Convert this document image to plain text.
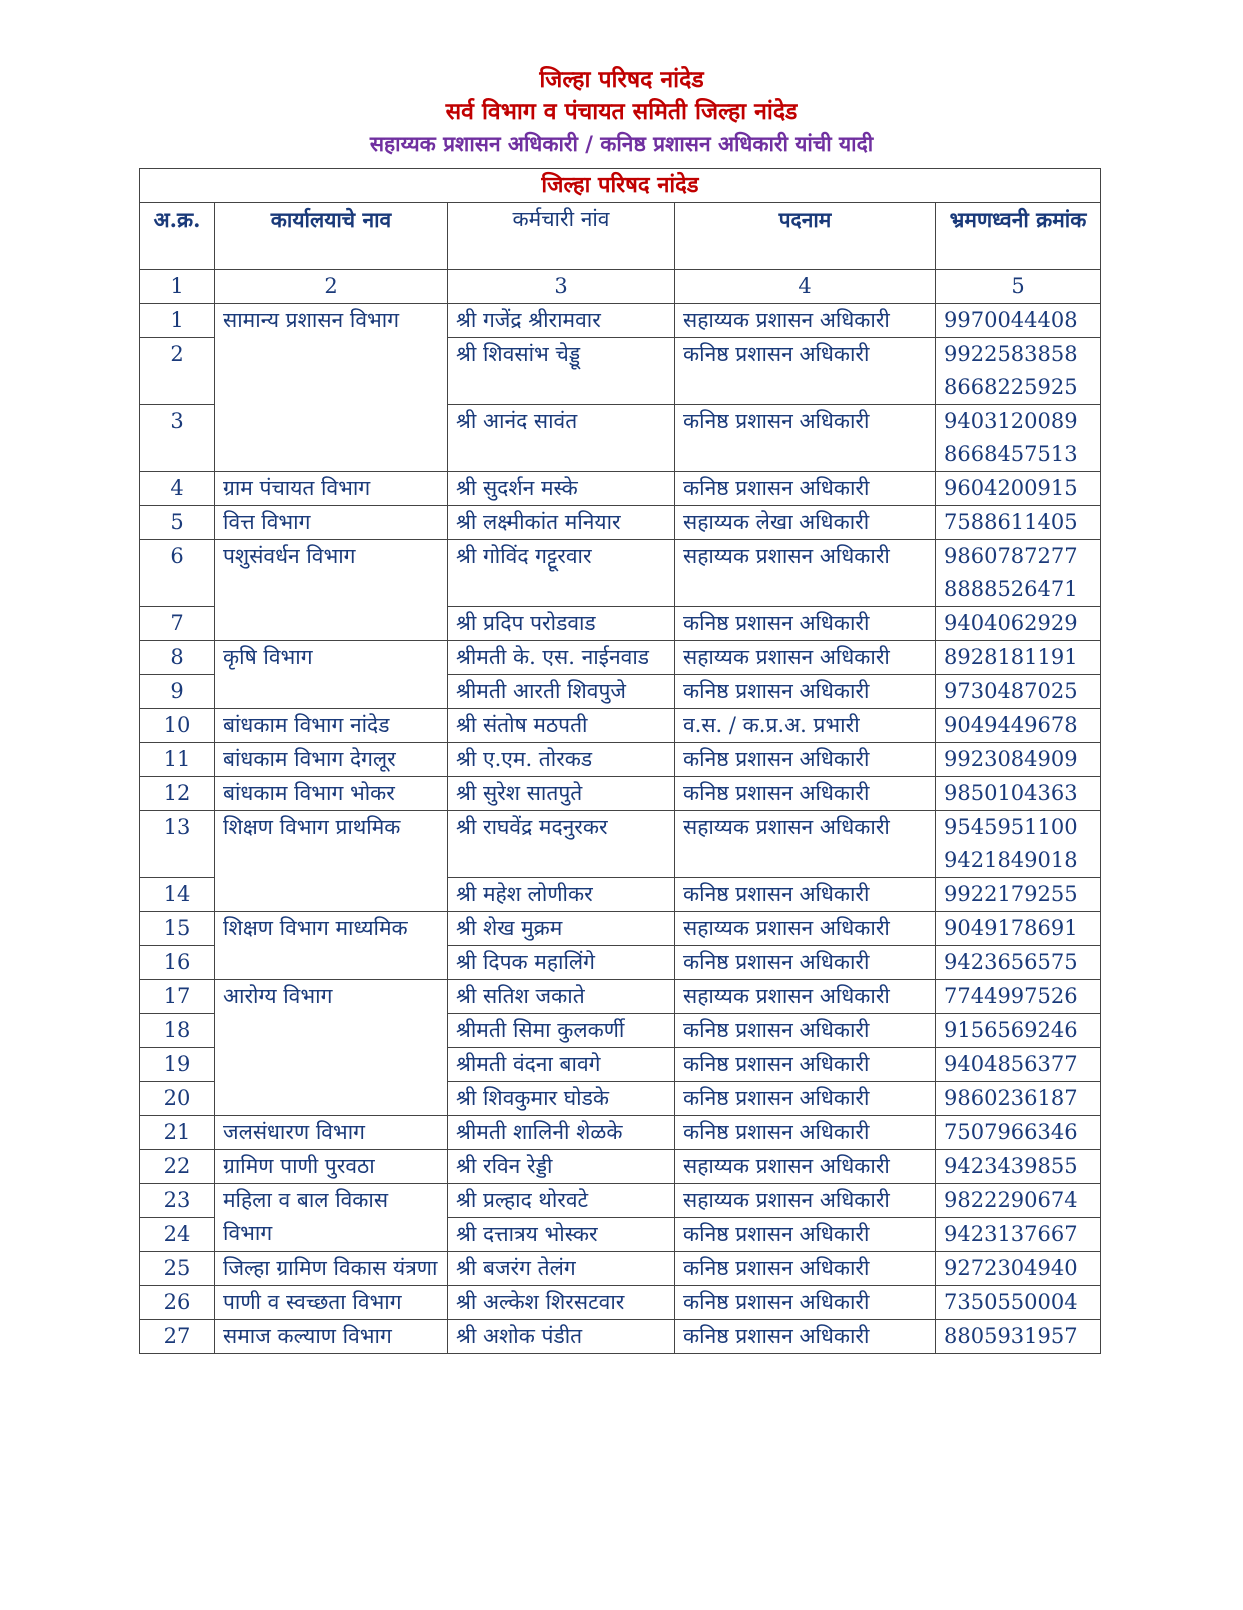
जिल्हा परिषद नांदेड
सर्व विभाग व पंचायत समिती जिल्हा नांदेड
सहाय्यक प्रशासन अधिकारी / कनिष्ठ प्रशासन अधिकारी यांची यादी
जिल्हा परिषद नांदेड				
अ.क्र.	कार्यालयाचे नाव	कर्मचारी नांव	पदनाम	भ्रमणध्वनी क्रमांक
1	2	3	4	5
1	सामान्य प्रशासन विभाग	श्री गजेंद्र श्रीरामवार	सहाय्यक प्रशासन अधिकारी	9970044408

2		श्री शिवसांभ चेड्डू	कनिष्ठ प्रशासन अधिकारी	9922583858
8668225925

3		श्री आनंद सावंत	कनिष्ठ प्रशासन अधिकारी	9403120089
8668457513

4	ग्राम पंचायत विभाग	श्री सुदर्शन मस्के	कनिष्ठ प्रशासन अधिकारी	9604200915

5	वित्त विभाग	श्री लक्ष्मीकांत मनियार	सहाय्यक लेखा अधिकारी	7588611405

6	पशुसंवर्धन विभाग	श्री गोविंद गट्टूरवार	सहाय्यक प्रशासन अधिकारी	9860787277
8888526471

7		श्री प्रदिप परोडवाड	कनिष्ठ प्रशासन अधिकारी	9404062929

8	कृषि विभाग	श्रीमती के. एस. नाईनवाड	सहाय्यक प्रशासन अधिकारी	8928181191

9		श्रीमती आरती शिवपुजे	कनिष्ठ प्रशासन अधिकारी	9730487025

10	बांधकाम विभाग नांदेड	श्री संतोष मठपती	व.स. / क.प्र.अ. प्रभारी	9049449678

11	बांधकाम विभाग देगलूर	श्री ए.एम. तोरकड	कनिष्ठ प्रशासन अधिकारी	9923084909

12	बांधकाम विभाग भोकर	श्री सुरेश सातपुते	कनिष्ठ प्रशासन अधिकारी	9850104363

13	शिक्षण विभाग प्राथमिक	श्री राघवेंद्र मदनुरकर	सहाय्यक प्रशासन अधिकारी	9545951100
9421849018

14		श्री महेश लोणीकर	कनिष्ठ प्रशासन अधिकारी	9922179255

15	शिक्षण विभाग माध्यमिक	श्री शेख मुक्रम	सहाय्यक प्रशासन अधिकारी	9049178691

16		श्री दिपक महालिंगे	कनिष्ठ प्रशासन अधिकारी	9423656575

17	आरोग्य विभाग	श्री सतिश जकाते	सहाय्यक प्रशासन अधिकारी	7744997526

18		श्रीमती सिमा कुलकर्णी	कनिष्ठ प्रशासन अधिकारी	9156569246

19		श्रीमती वंदना बावगे	कनिष्ठ प्रशासन अधिकारी	9404856377

20		श्री शिवकुमार घोडके	कनिष्ठ प्रशासन अधिकारी	9860236187

21	जलसंधारण विभाग	श्रीमती शालिनी शेळके	कनिष्ठ प्रशासन अधिकारी	7507966346

22	ग्रामिण पाणी पुरवठा	श्री रविन रेड्डी	सहाय्यक प्रशासन अधिकारी	9423439855

23	महिला व बाल विकास
विभाग	श्री प्रल्हाद थोरवटे	सहाय्यक प्रशासन अधिकारी	9822290674

24		श्री दत्तात्रय भोस्कर	कनिष्ठ प्रशासन अधिकारी	9423137667

25	जिल्हा ग्रामिण विकास यंत्रणा	श्री बजरंग तेलंग	कनिष्ठ प्रशासन अधिकारी	9272304940

26	पाणी व स्वच्छता विभाग	श्री अल्केश शिरसटवार	कनिष्ठ प्रशासन अधिकारी	7350550004

27	समाज कल्याण विभाग	श्री अशोक पंडीत	कनिष्ठ प्रशासन अधिकारी	8805931957
